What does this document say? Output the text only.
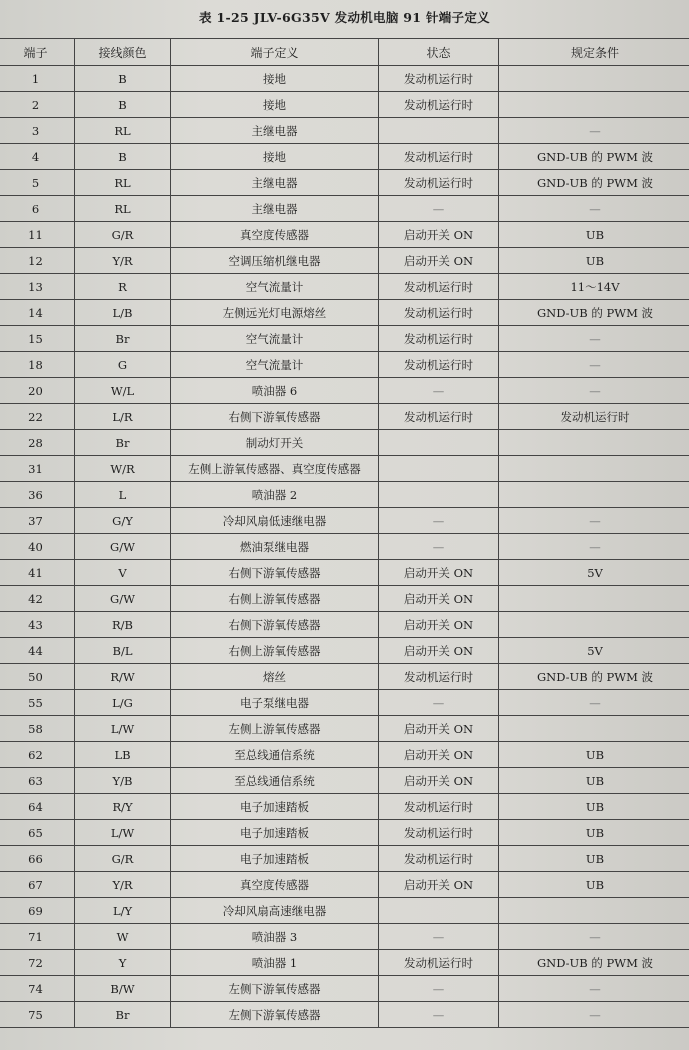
表 1-25 JLV-6G35V 发动机电脑 91 针端子定义
端子	接线颜色	端子定义	状态	规定条件
1	B	接地	发动机运行时	
2	B	接地	发动机运行时	
3	RL	主继电器		—
4	B	接地	发动机运行时	GND-UB 的 PWM 波
5	RL	主继电器	发动机运行时	GND-UB 的 PWM 波
6	RL	主继电器	—	—
11	G/R	真空度传感器	启动开关 ON	UB
12	Y/R	空调压缩机继电器	启动开关 ON	UB
13	R	空气流量计	发动机运行时	11～14V
14	L/B	左侧远光灯电源熔丝	发动机运行时	GND-UB 的 PWM 波
15	Br	空气流量计	发动机运行时	—
18	G	空气流量计	发动机运行时	—
20	W/L	喷油器 6	—	—
22	L/R	右侧下游氧传感器	发动机运行时	发动机运行时
28	Br	制动灯开关		
31	W/R	左侧上游氧传感器、真空度传感器		
36	L	喷油器 2		
37	G/Y	冷却风扇低速继电器	—	—
40	G/W	燃油泵继电器	—	—
41	V	右侧下游氧传感器	启动开关 ON	5V
42	G/W	右侧上游氧传感器	启动开关 ON	
43	R/B	右侧下游氧传感器	启动开关 ON	
44	B/L	右侧上游氧传感器	启动开关 ON	5V
50	R/W	熔丝	发动机运行时	GND-UB 的 PWM 波
55	L/G	电子泵继电器	—	—
58	L/W	左侧上游氧传感器	启动开关 ON	
62	LB	至总线通信系统	启动开关 ON	UB
63	Y/B	至总线通信系统	启动开关 ON	UB
64	R/Y	电子加速踏板	发动机运行时	UB
65	L/W	电子加速踏板	发动机运行时	UB
66	G/R	电子加速踏板	发动机运行时	UB
67	Y/R	真空度传感器	启动开关 ON	UB
69	L/Y	冷却风扇高速继电器		
71	W	喷油器 3	—	—
72	Y	喷油器 1	发动机运行时	GND-UB 的 PWM 波
74	B/W	左侧下游氧传感器	—	—
75	Br	左侧下游氧传感器	—	—
